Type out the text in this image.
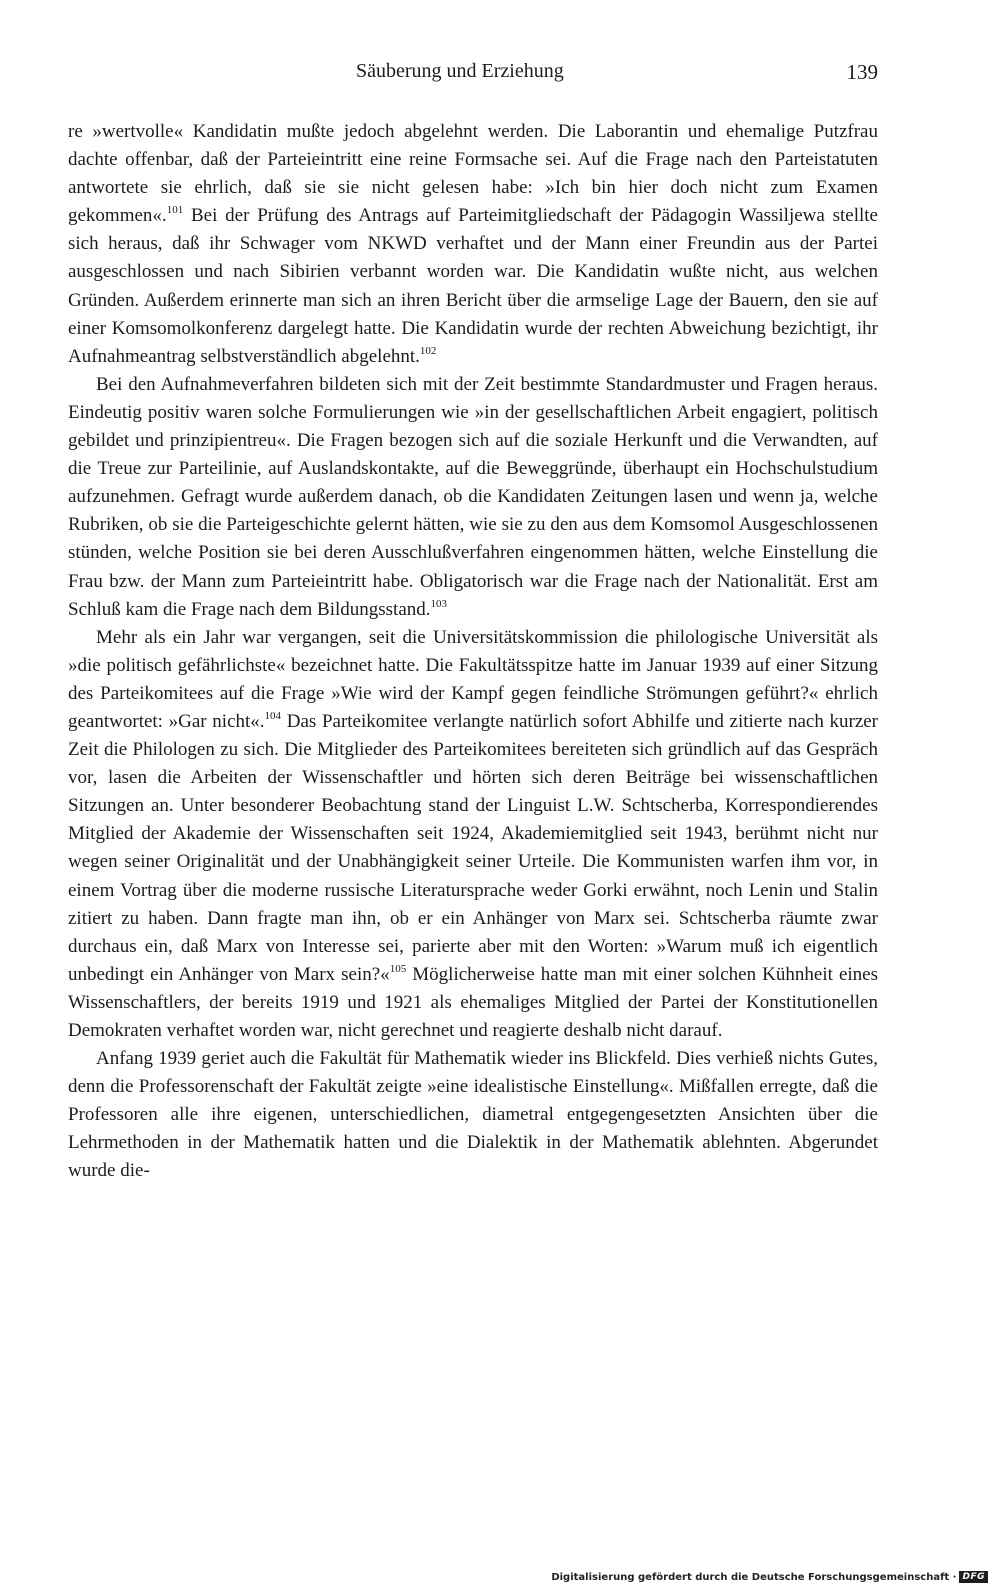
Säuberung und Erziehung	139

re »wertvolle« Kandidatin mußte jedoch abgelehnt werden. Die Laborantin und ehemalige Putzfrau dachte offenbar, daß der Parteieintritt eine reine Formsache sei. Auf die Frage nach den Parteistatuten antwortete sie ehrlich, daß sie sie nicht gelesen habe: »Ich bin hier doch nicht zum Examen gekommen«.$^{101}$ Bei der Prüfung des Antrags auf Parteimitgliedschaft der Pädagogin Wassiljewa stellte sich heraus, daß ihr Schwager vom NKWD verhaftet und der Mann einer Freundin aus der Partei ausgeschlossen und nach Sibirien verbannt worden war. Die Kandidatin wußte nicht, aus welchen Gründen. Außerdem erinnerte man sich an ihren Bericht über die armselige Lage der Bauern, den sie auf einer Komsomolkonferenz dargelegt hatte. Die Kandidatin wurde der rechten Abweichung bezichtigt, ihr Aufnahmeantrag selbstverständlich abgelehnt.$^{102}$

Bei den Aufnahmeverfahren bildeten sich mit der Zeit bestimmte Standardmuster und Fragen heraus. Eindeutig positiv waren solche Formulierungen wie »in der gesellschaftlichen Arbeit engagiert, politisch gebildet und prinzipientreu«. Die Fragen bezogen sich auf die soziale Herkunft und die Verwandten, auf die Treue zur Parteilinie, auf Auslandskontakte, auf die Beweggründe, überhaupt ein Hochschulstudium aufzunehmen. Gefragt wurde außerdem danach, ob die Kandidaten Zeitungen lasen und wenn ja, welche Rubriken, ob sie die Parteigeschichte gelernt hätten, wie sie zu den aus dem Komsomol Ausgeschlossenen stünden, welche Position sie bei deren Ausschlußverfahren eingenommen hätten, welche Einstellung die Frau bzw. der Mann zum Parteieintritt habe. Obligatorisch war die Frage nach der Nationalität. Erst am Schluß kam die Frage nach dem Bildungsstand.$^{103}$

Mehr als ein Jahr war vergangen, seit die Universitätskommission die philologische Universität als »die politisch gefährlichste« bezeichnet hatte. Die Fakultätsspitze hatte im Januar 1939 auf einer Sitzung des Parteikomitees auf die Frage »Wie wird der Kampf gegen feindliche Strömungen geführt?« ehrlich geantwortet: »Gar nicht«.$^{104}$ Das Parteikomitee verlangte natürlich sofort Abhilfe und zitierte nach kurzer Zeit die Philologen zu sich. Die Mitglieder des Parteikomitees bereiteten sich gründlich auf das Gespräch vor, lasen die Arbeiten der Wissenschaftler und hörten sich deren Beiträge bei wissenschaftlichen Sitzungen an. Unter besonderer Beobachtung stand der Linguist L.W. Schtscherba, Korrespondierendes Mitglied der Akademie der Wissenschaften seit 1924, Akademiemitglied seit 1943, berühmt nicht nur wegen seiner Originalität und der Unabhängigkeit seiner Urteile. Die Kommunisten warfen ihm vor, in einem Vortrag über die moderne russische Literatursprache weder Gorki erwähnt, noch Lenin und Stalin zitiert zu haben. Dann fragte man ihn, ob er ein Anhänger von Marx sei. Schtscherba räumte zwar durchaus ein, daß Marx von Interesse sei, parierte aber mit den Worten: »Warum muß ich eigentlich unbedingt ein Anhänger von Marx sein?«$^{105}$ Möglicherweise hatte man mit einer solchen Kühnheit eines Wissenschaftlers, der bereits 1919 und 1921 als ehemaliges Mitglied der Partei der Konstitutionellen Demokraten verhaftet worden war, nicht gerechnet und reagierte deshalb nicht darauf.

Anfang 1939 geriet auch die Fakultät für Mathematik wieder ins Blickfeld. Dies verhieß nichts Gutes, denn die Professorenschaft der Fakultät zeigte »eine idealistische Einstellung«. Mißfallen erregte, daß die Professoren alle ihre eigenen, unterschiedlichen, diametral entgegengesetzten Ansichten über die Lehrmethoden in der Mathematik hatten und die Dialektik in der Mathematik ablehnten. Abgerundet wurde die-

Digitalisierung gefördert durch die Deutsche Forschungsgemeinschaft · DFG
